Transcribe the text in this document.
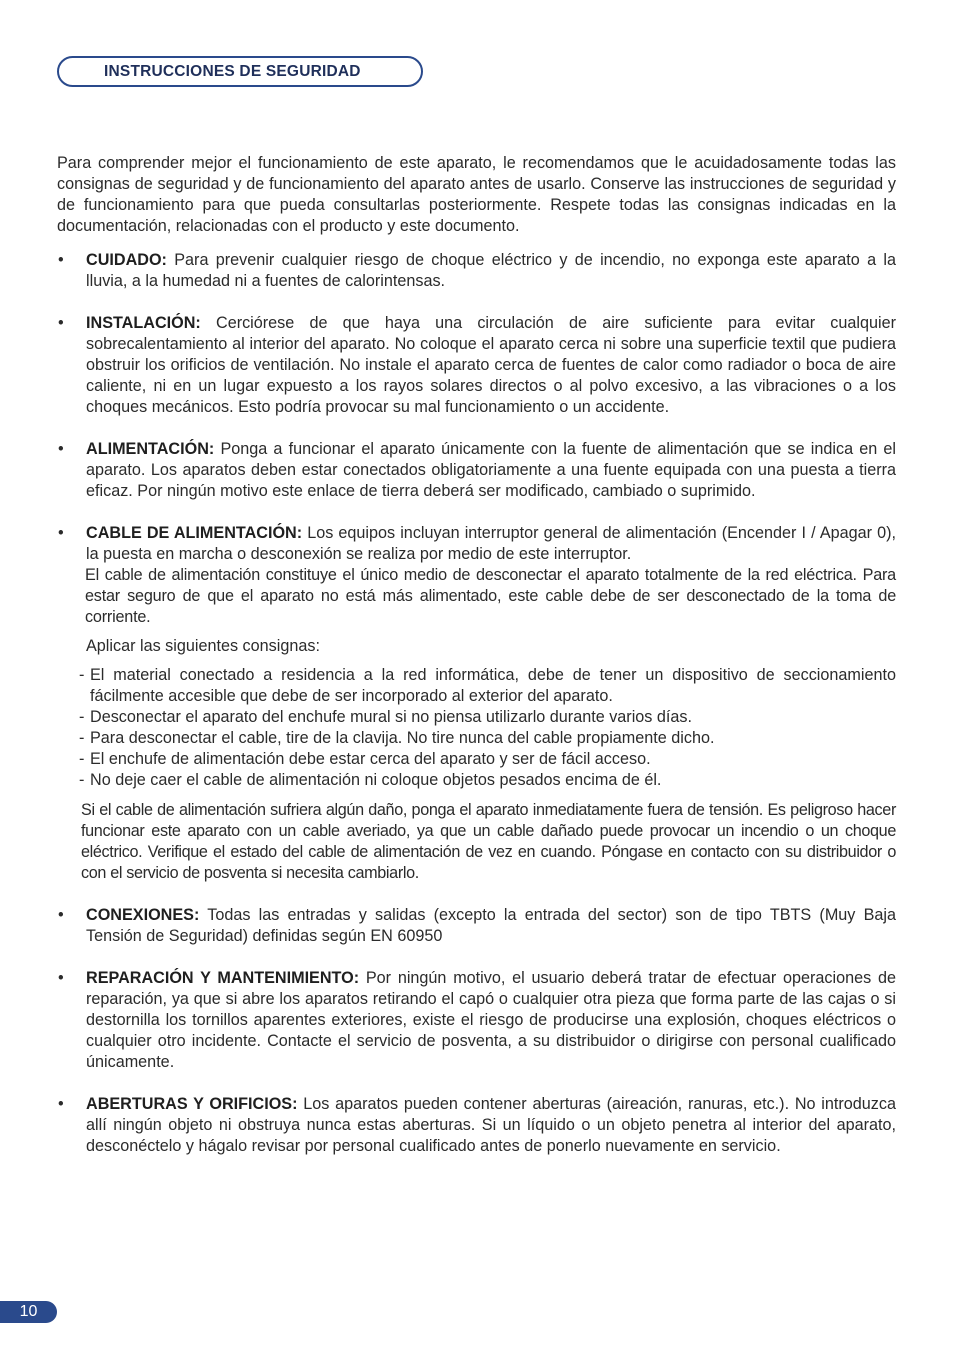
INSTRUCCIONES DE SEGURIDAD

Para comprender mejor el funcionamiento de este aparato, le recomendamos que le acuidadosamente todas las consignas de seguridad y de funcionamiento del aparato antes de usarlo. Conserve las instrucciones de seguridad y de funcionamiento para que pueda consultarlas posteriormente. Respete todas las consignas indicadas en la documentación, relacionadas con el producto y este documento.

• CUIDADO: Para prevenir cualquier riesgo de choque eléctrico y de incendio, no exponga este aparato a la lluvia, a la humedad ni a fuentes de calorintensas.
• INSTALACIÓN: Cerciórese de que haya una circulación de aire suficiente para evitar cualquier sobrecalentamiento al interior del aparato. No coloque el aparato cerca ni sobre una superficie textil que pudiera obstruir los orificios de ventilación. No instale el aparato cerca de fuentes de calor como radiador o boca de aire caliente, ni en un lugar expuesto a los rayos solares directos o al polvo excesivo, a las vibraciones o a los choques mecánicos. Esto podría provocar su mal funcionamiento o un accidente.
• ALIMENTACIÓN: Ponga a funcionar el aparato únicamente con la fuente de alimentación que se indica en el aparato. Los aparatos deben estar conectados obligatoriamente a una fuente equipada con una puesta a tierra eficaz. Por ningún motivo este enlace de tierra deberá ser modificado, cambiado o suprimido.
• CABLE DE ALIMENTACIÓN: Los equipos incluyan interruptor general de alimentación (Encender I / Apagar 0), la puesta en marcha o desconexión se realiza por medio de este interruptor.

El cable de alimentación constituye el único medio de desconectar el aparato totalmente de la red eléctrica. Para estar seguro de que el aparato no está más alimentado, este cable debe de ser desconectado de la toma de corriente.

Aplicar las siguientes consignas:

- El material conectado a residencia a la red informática, debe de tener un dispositivo de seccionamiento fácilmente accesible que debe de ser incorporado al exterior del aparato.
- Desconectar el aparato del enchufe mural si no piensa utilizarlo durante varios días.
- Para desconectar el cable, tire de la clavija. No tire nunca del cable propiamente dicho.
- El enchufe de alimentación debe estar cerca del aparato y ser de fácil acceso.
- No deje caer el cable de alimentación ni coloque objetos pesados encima de él.

Si el cable de alimentación sufriera algún daño, ponga el aparato inmediatamente fuera de tensión. Es peligroso hacer funcionar este aparato con un cable averiado, ya que un cable dañado puede provocar un incendio o un choque eléctrico. Verifique el estado del cable de alimentación de vez en cuando. Póngase en contacto con su distribuidor o con el servicio de posventa si necesita cambiarlo.

• CONEXIONES: Todas las entradas y salidas (excepto la entrada del sector) son de tipo TBTS (Muy Baja Tensión de Seguridad) definidas según EN 60950
• REPARACIÓN Y MANTENIMIENTO: Por ningún motivo, el usuario deberá tratar de efectuar operaciones de reparación, ya que si abre los aparatos retirando el capó o cualquier otra pieza que forma parte de las cajas o si destornilla los tornillos aparentes exteriores, existe el riesgo de producirse una explosión, choques eléctricos o cualquier otro incidente. Contacte el servicio de posventa, a su distribuidor o dirigirse con personal cualificado únicamente.
• ABERTURAS Y ORIFICIOS: Los aparatos pueden contener aberturas (aireación, ranuras, etc.). No introduzca allí ningún objeto ni obstruya nunca estas aberturas. Si un líquido o un objeto penetra al interior del aparato, desconéctelo y hágalo revisar por personal cualificado antes de ponerlo nuevamente en servicio.
10
